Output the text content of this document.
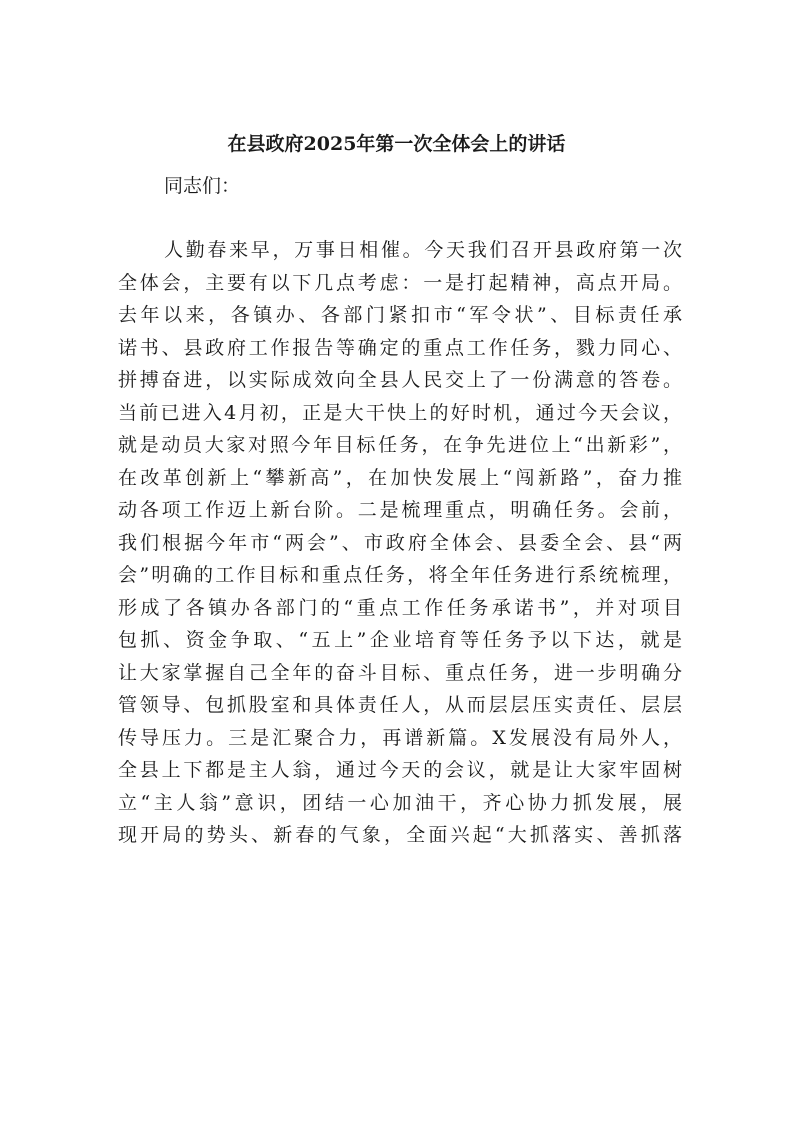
在县政府2025年第一次全体会上的讲话

同志们：

人勤春来早，万事日相催。今天我们召开县政府第一次
全体会，主要有以下几点考虑：一是打起精神，高点开局。
去年以来，各镇办、各部门紧扣市“军令状”、目标责任承
诺书、县政府工作报告等确定的重点工作任务，戮力同心、
拼搏奋进，以实际成效向全县人民交上了一份满意的答卷。
当前已进入4月初，正是大干快上的好时机，通过今天会议，
就是动员大家对照今年目标任务，在争先进位上“出新彩”，
在改革创新上“攀新高”，在加快发展上“闯新路”，奋力推
动各项工作迈上新台阶。二是梳理重点，明确任务。会前，
我们根据今年市“两会”、市政府全体会、县委全会、县“两
会”明确的工作目标和重点任务，将全年任务进行系统梳理，
形成了各镇办各部门的“重点工作任务承诺书”，并对项目
包抓、资金争取、“五上”企业培育等任务予以下达，就是
让大家掌握自己全年的奋斗目标、重点任务，进一步明确分
管领导、包抓股室和具体责任人，从而层层压实责任、层层
传导压力。三是汇聚合力，再谱新篇。X发展没有局外人，
全县上下都是主人翁，通过今天的会议，就是让大家牢固树
立“主人翁”意识，团结一心加油干，齐心协力抓发展，展
现开局的势头、新春的气象，全面兴起“大抓落实、善抓落
